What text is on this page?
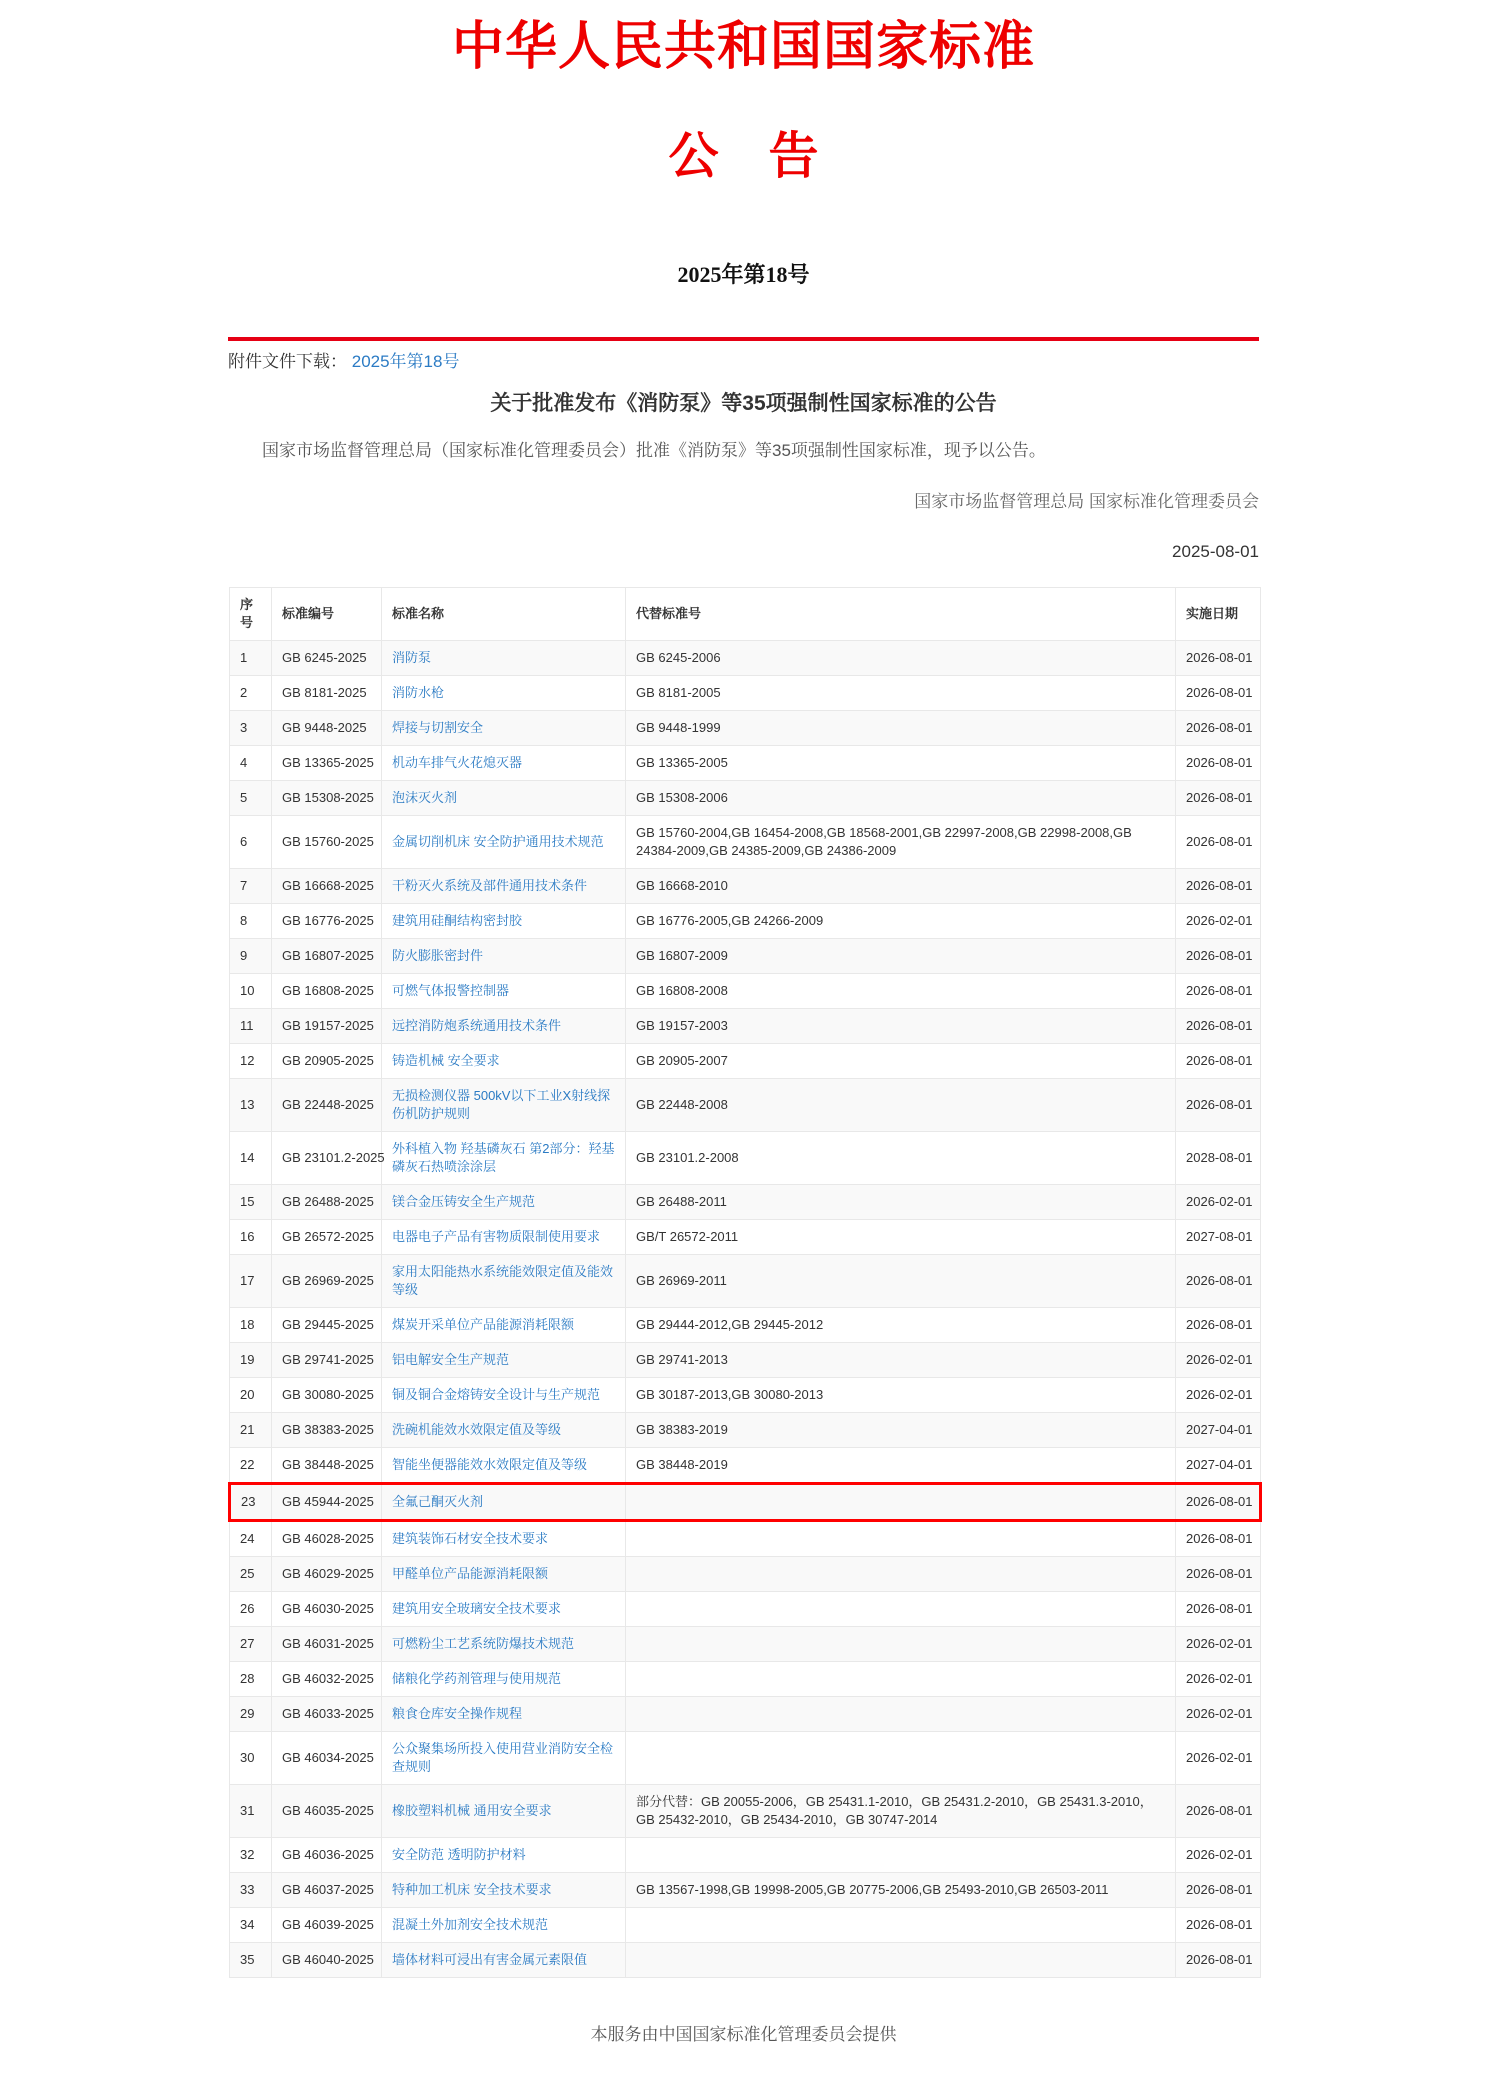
中华人民共和国国家标准
公　告
2025年第18号
附件文件下载： 2025年第18号
关于批准发布《消防泵》等35项强制性国家标准的公告

国家市场监督管理总局（国家标准化管理委员会）批准《消防泵》等35项强制性国家标准，现予以公告。

国家市场监督管理总局 国家标准化管理委员会
2025-08-01
序号	标准编号	标准名称	代替标准号	实施日期
1	GB 6245-2025	消防泵	GB 6245-2006	2026-08-01
2	GB 8181-2025	消防水枪	GB 8181-2005	2026-08-01
3	GB 9448-2025	焊接与切割安全	GB 9448-1999	2026-08-01
4	GB 13365-2025	机动车排气火花熄灭器	GB 13365-2005	2026-08-01
5	GB 15308-2025	泡沫灭火剂	GB 15308-2006	2026-08-01
6	GB 15760-2025	金属切削机床 安全防护通用技术规范	GB 15760-2004,GB 16454-2008,GB 18568-2001,GB 22997-2008,GB 22998-2008,GB 24384-2009,GB 24385-2009,GB 24386-2009	2026-08-01
7	GB 16668-2025	干粉灭火系统及部件通用技术条件	GB 16668-2010	2026-08-01
8	GB 16776-2025	建筑用硅酮结构密封胶	GB 16776-2005,GB 24266-2009	2026-02-01
9	GB 16807-2025	防火膨胀密封件	GB 16807-2009	2026-08-01
10	GB 16808-2025	可燃气体报警控制器	GB 16808-2008	2026-08-01
11	GB 19157-2025	远控消防炮系统通用技术条件	GB 19157-2003	2026-08-01
12	GB 20905-2025	铸造机械 安全要求	GB 20905-2007	2026-08-01
13	GB 22448-2025	无损检测仪器 500kV以下工业X射线探伤机防护规则	GB 22448-2008	2026-08-01
14	GB 23101.2-2025	外科植入物 羟基磷灰石 第2部分：羟基磷灰石热喷涂涂层	GB 23101.2-2008	2028-08-01
15	GB 26488-2025	镁合金压铸安全生产规范	GB 26488-2011	2026-02-01
16	GB 26572-2025	电器电子产品有害物质限制使用要求	GB/T 26572-2011	2027-08-01
17	GB 26969-2025	家用太阳能热水系统能效限定值及能效等级	GB 26969-2011	2026-08-01
18	GB 29445-2025	煤炭开采单位产品能源消耗限额	GB 29444-2012,GB 29445-2012	2026-08-01
19	GB 29741-2025	铝电解安全生产规范	GB 29741-2013	2026-02-01
20	GB 30080-2025	铜及铜合金熔铸安全设计与生产规范	GB 30187-2013,GB 30080-2013	2026-02-01
21	GB 38383-2025	洗碗机能效水效限定值及等级	GB 38383-2019	2027-04-01
22	GB 38448-2025	智能坐便器能效水效限定值及等级	GB 38448-2019	2027-04-01
23	GB 45944-2025	全氟己酮灭火剂		2026-08-01
24	GB 46028-2025	建筑装饰石材安全技术要求		2026-08-01
25	GB 46029-2025	甲醛单位产品能源消耗限额		2026-08-01
26	GB 46030-2025	建筑用安全玻璃安全技术要求		2026-08-01
27	GB 46031-2025	可燃粉尘工艺系统防爆技术规范		2026-02-01
28	GB 46032-2025	储粮化学药剂管理与使用规范		2026-02-01
29	GB 46033-2025	粮食仓库安全操作规程		2026-02-01
30	GB 46034-2025	公众聚集场所投入使用营业消防安全检查规则		2026-02-01
31	GB 46035-2025	橡胶塑料机械 通用安全要求	部分代替：GB 20055-2006，GB 25431.1-2010，GB 25431.2-2010，GB 25431.3-2010，GB 25432-2010，GB 25434-2010，GB 30747-2014	2026-08-01
32	GB 46036-2025	安全防范 透明防护材料		2026-02-01
33	GB 46037-2025	特种加工机床 安全技术要求	GB 13567-1998,GB 19998-2005,GB 20775-2006,GB 25493-2010,GB 26503-2011	2026-08-01
34	GB 46039-2025	混凝土外加剂安全技术规范		2026-08-01
35	GB 46040-2025	墙体材料可浸出有害金属元素限值		2026-08-01
本服务由中国国家标准化管理委员会提供
